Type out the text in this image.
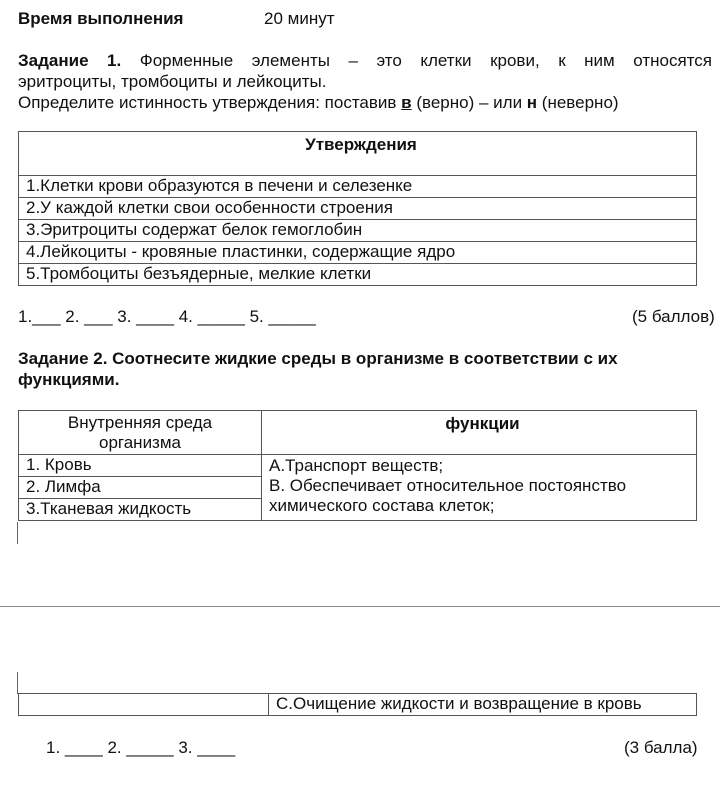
Время выполнения	20 минут
Задание 1. Форменные элементы – это клетки крови, к ним относятся
эритроциты, тромбоциты и лейкоциты.
Определите истинность утверждения: поставив в (верно) – или н (неверно)
Утверждения
1.Клетки крови образуются в печени и селезенке
2.У каждой клетки свои особенности строения
3.Эритроциты содержат белок гемоглобин
4.Лейкоциты - кровяные пластинки, содержащие ядро
5.Тромбоциты безъядерные, мелкие клетки
1.___ 2. ___ 3. ____ 4. _____ 5. _____	(5 баллов)
Задание 2. Соотнесите жидкие среды в организме в соответствии с их
функциями.
Внутренняя среда
организма	функции
1. Кровь	А.Транспорт веществ;
В. Обеспечивает относительное постоянство
химического состава клеток;

2. Лимфа	
3.Тканевая жидкость	
	С.Очищение жидкости и возвращение в кровь
1. ____ 2. _____ 3. ____	(3 балла)
